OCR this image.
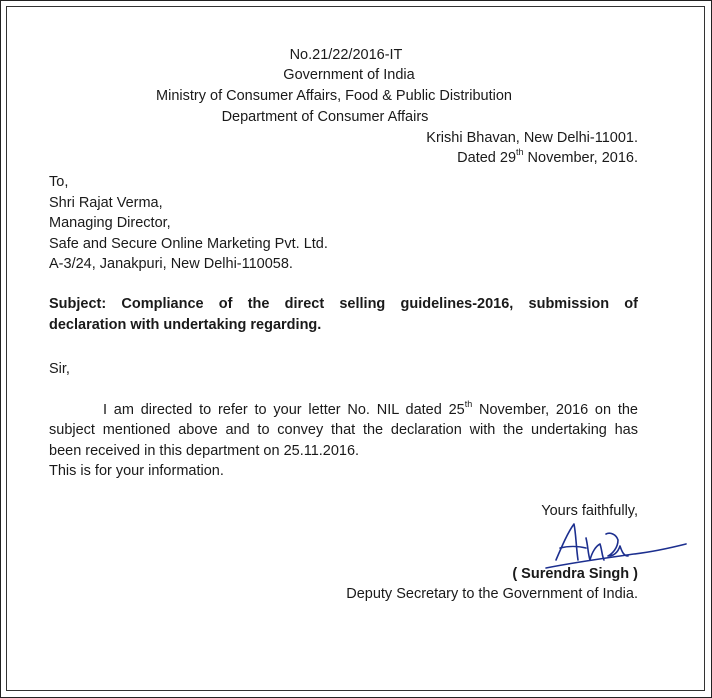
No.21/22/2016-IT
Government of India
Ministry of Consumer Affairs, Food & Public Distribution
Department of Consumer Affairs
Krishi Bhavan, New Delhi-11001.
Dated 29th November, 2016.
To,
Shri Rajat Verma,
Managing Director,
Safe and Secure Online Marketing Pvt. Ltd.
A-3/24, Janakpuri, New Delhi-110058.
Subject: Compliance of the direct selling guidelines-2016, submission of
declaration with undertaking regarding.
Sir,
I am directed to refer to your letter No. NIL dated 25th November, 2016 on the
subject mentioned above and to convey that the declaration with the undertaking has
been received in this department on 25.11.2016.
This is for your information.
Yours faithfully,
( Surendra Singh )
Deputy Secretary to the Government of India.
